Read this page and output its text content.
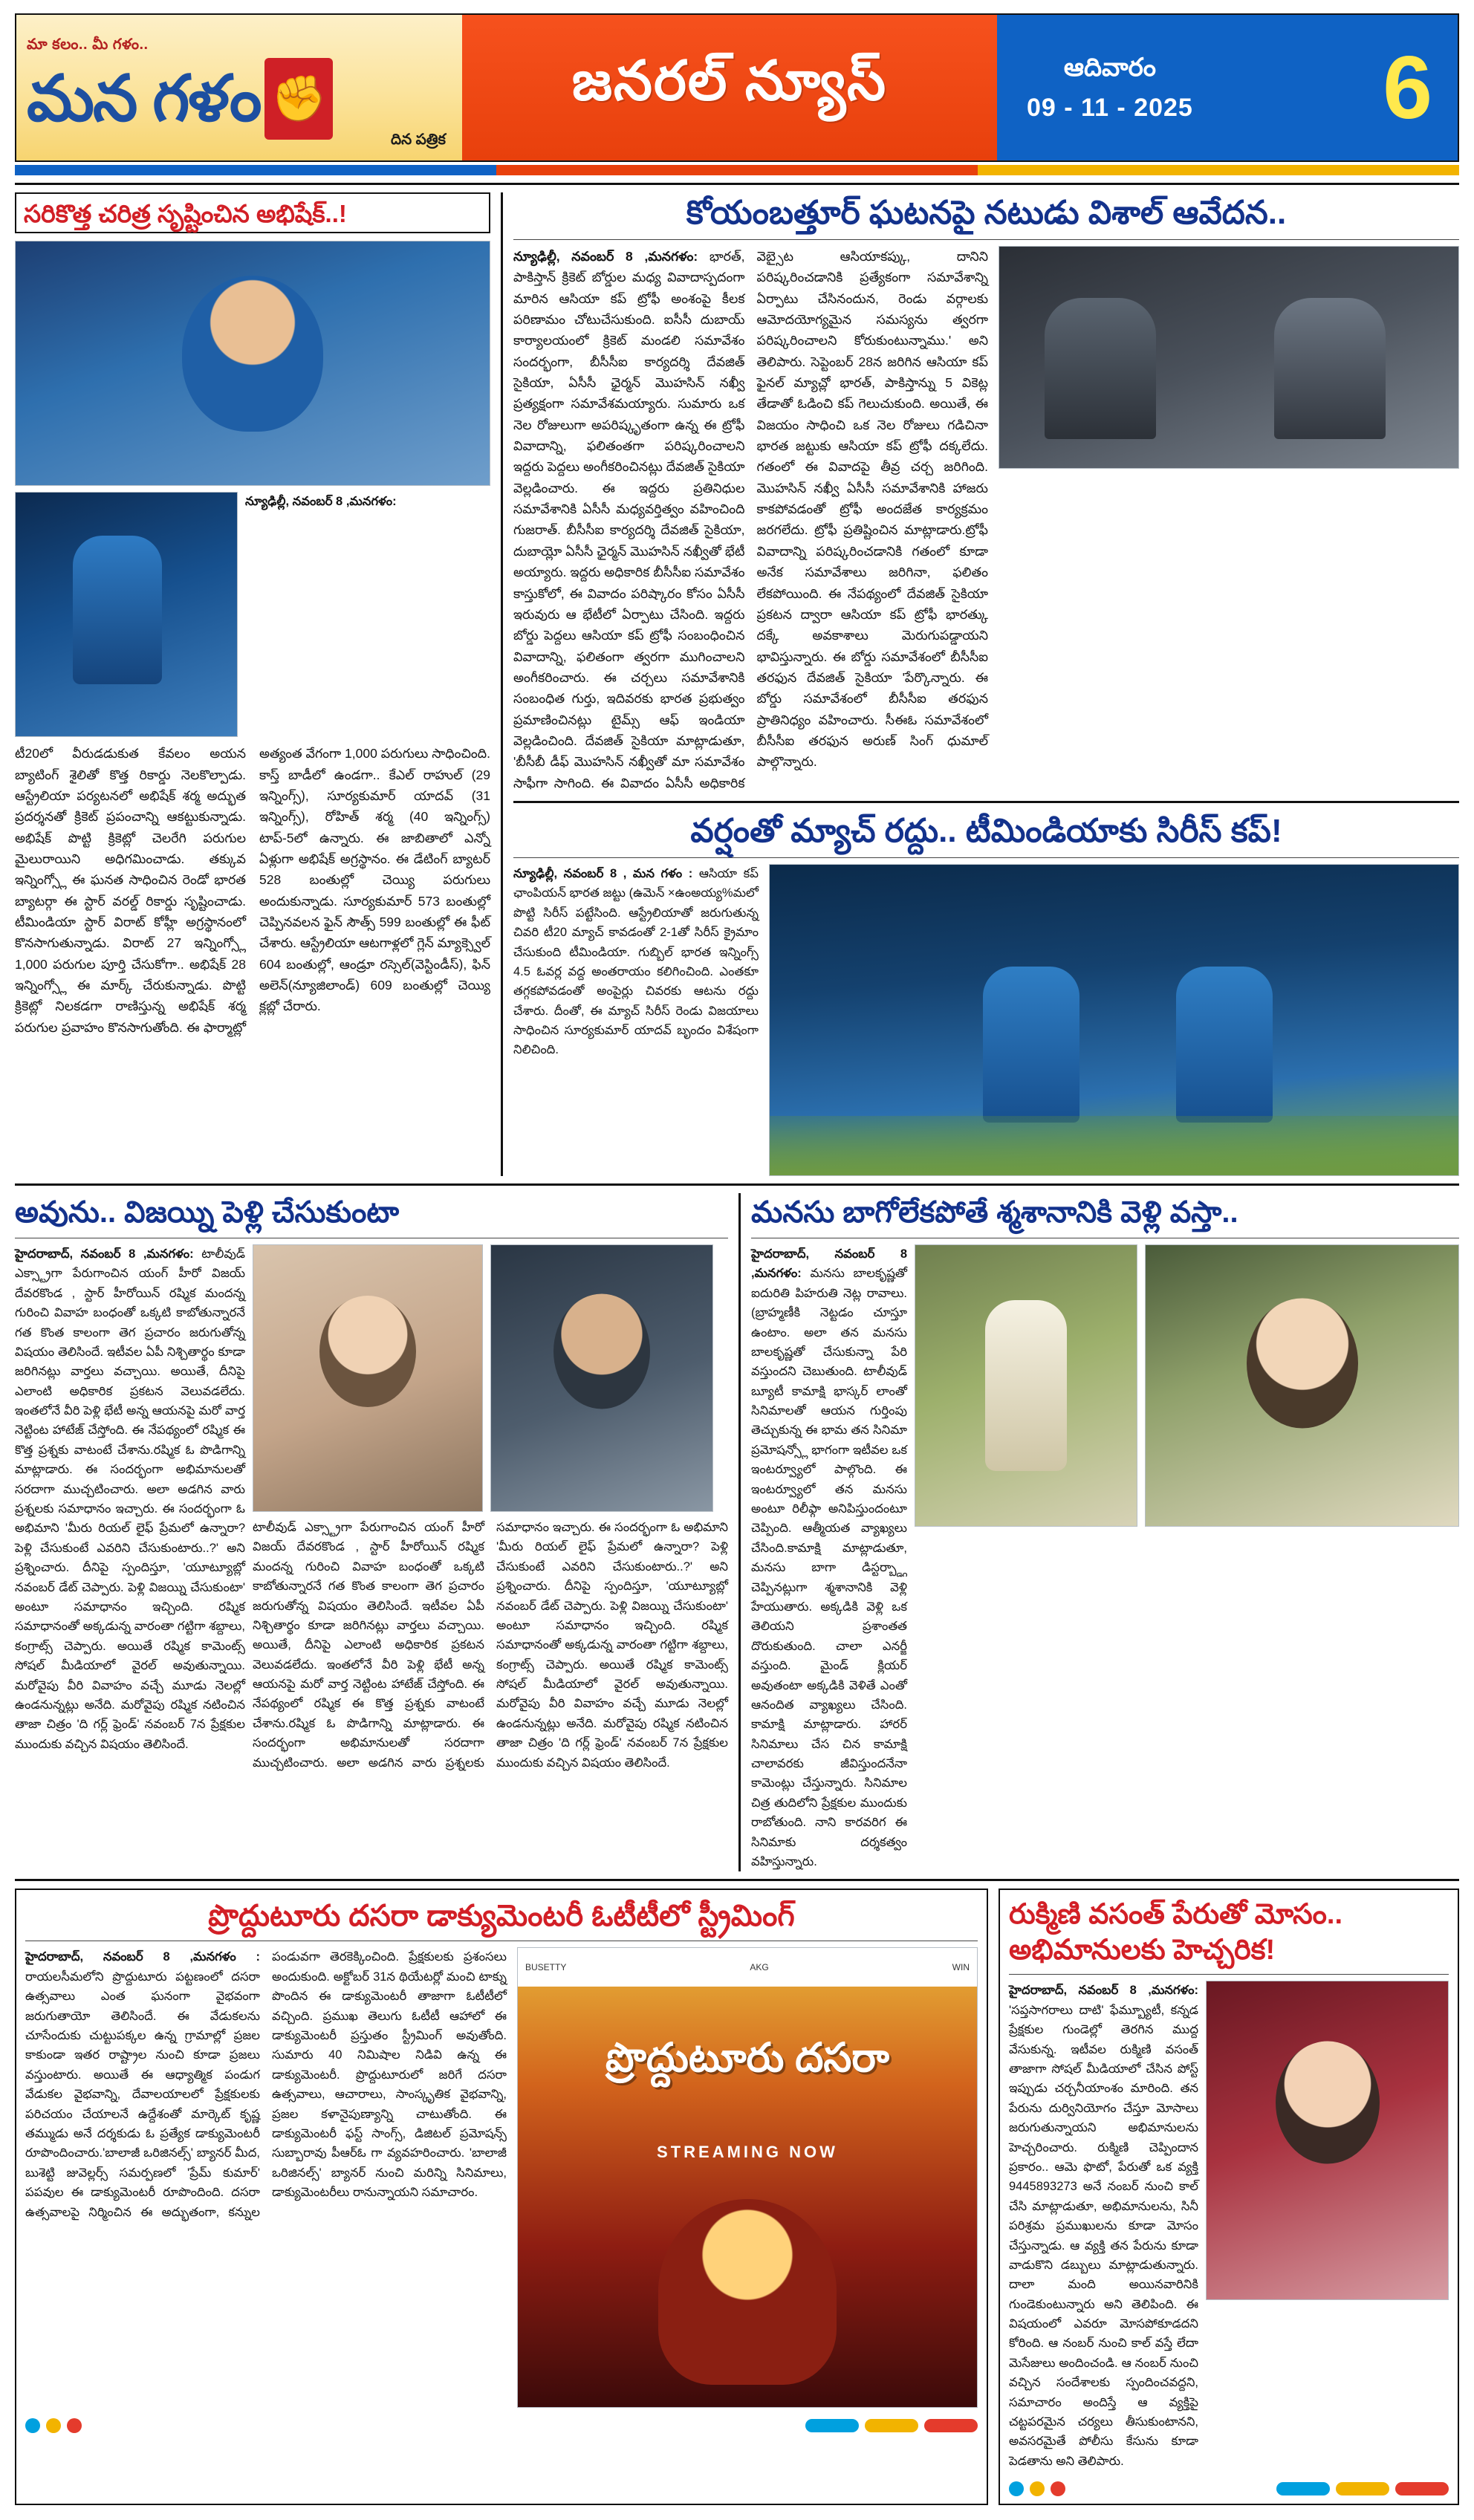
మా కలం.. మీ గళం..
మన గళం ✊
దిన పత్రిక
జనరల్ న్యూస్	ఆదివారం
09 - 11 - 2025 6
సరికొత్త చరిత్ర సృష్టించిన అభిషేక్..!
న్యూఢిల్లీ, నవంబర్ 8 ,మనగళం:
టీ20లో వీరుడడుకుత కేవలం అయన బ్యాటింగ్ శైలితో కొత్త రికార్డు నెలకొల్పాడు. ఆస్ట్రేలియా పర్యటనలో అభిషేక్ శర్మ అద్భుత ప్రదర్శనతో క్రికెట్ ప్రపంచాన్ని ఆకట్టుకున్నాడు. అభిషేక్ పొట్టి క్రికెట్లో చెలరేగి పరుగుల మైలురాయిని అధిగమించాడు. తక్కువ ఇన్నింగ్స్లో ఈ ఘనత సాధించిన రెండో భారత బ్యాటర్గా ఈ స్టార్ వరల్డ్ రికార్డు సృష్టించాడు. టీమిండియా స్టార్ విరాట్ కోహ్లీ అగ్రస్థానంలో కొనసాగుతున్నాడు. విరాట్ 27 ఇన్నింగ్స్లో 1,000 పరుగుల పూర్తి చేసుకోగా.. అభిషేక్ 28 ఇన్నింగ్స్లో ఈ మార్క్ చేరుకున్నాడు. పొట్టి క్రికెట్లో నిలకడగా రాణిస్తున్న అభిషేక్ శర్మ పరుగుల ప్రవాహం కొనసాగుతోంది. ఈ ఫార్మాట్లో అత్యంత వేగంగా 1,000 పరుగులు సాధించింది. కాస్త్ బాడీలో ఉండగా.. కేఎల్ రాహుల్ (29 ఇన్నింగ్స్), సూర్యకుమార్ యాదవ్ (31 ఇన్నింగ్స్), రోహిత్ శర్మ (40 ఇన్నింగ్స్) టాప్-5లో ఉన్నారు. ఈ జాబితాలో ఎన్నో ఏళ్లుగా అభిషేక్ అగ్రస్థానం. ఈ డేటింగ్ బ్యాటర్ 528 బంతుల్లో చెయ్యి పరుగులు అందుకున్నాడు. సూర్యకుమార్ 573 బంతుల్లో చెప్పినవలన ఫైన్ సౌత్స్ 599 బంతుల్లో ఈ ఫీట్ చేశారు. ఆస్ట్రేలియా ఆటగాళ్లలో గ్లెన్ మ్యాక్స్వెల్ 604 బంతుల్లో, ఆండ్రూ రస్సెల్(వెస్టిండీస్), ఫిన్ అలెన్(న్యూజిలాండ్) 609 బంతుల్లో చెయ్యి క్లబ్లో చేరారు.
కోయంబత్తూర్ ఘటనపై నటుడు విశాల్ ఆవేదన..
న్యూఢిల్లీ, నవంబర్ 8 ,మనగళం: భారత్, పాకిస్తాన్ క్రికెట్ బోర్డుల మధ్య వివాదాస్పదంగా మారిన ఆసియా కప్ ట్రోఫీ అంశంపై కీలక పరిణామం చోటుచేసుకుంది. ఐసీసీ దుబాయ్ కార్యాలయంలో క్రికెట్ మండలి సమావేశం సందర్భంగా, బీసీసీఐ కార్యదర్శి దేవజిత్ సైకియా, ఏసీసీ ఛైర్మన్ మొహసిన్ నఖ్వీ ప్రత్యక్షంగా సమావేశమయ్యారు. సుమారు ఒక నెల రోజులుగా అపరిష్కృతంగా ఉన్న ఈ ట్రోఫీ వివాదాన్ని, ఫలితంతగా పరిష్కరించాలని ఇద్దరు పెద్దలు అంగీకరించినట్లు దేవజిత్ సైకియా వెల్లడించారు. ఈ ఇద్దరు ప్రతినిధుల సమావేశానికి ఏసీసీ మధ్యవర్తిత్వం వహించింది గుజరాత్. బీసీసీఐ కార్యదర్శి దేవజిత్ సైకియా, దుబాయ్లో ఏసీసీ ఛైర్మన్ మొహసిన్ నఖ్వీతో భేటీ అయ్యారు. ఇద్దరు అధికారిక బీసీసీఐ సమావేశం కాస్తుకోలో, ఈ వివాదం పరిష్కారం కోసం ఏసీసీ ఇరువురు ఆ భేటీలో ఏర్పాటు చేసింది. ఇద్దరు బోర్డు పెద్దలు ఆసియా కప్ ట్రోఫీ సంబంధించిన వివాదాన్ని, ఫలితంగా త్వరగా ముగించాలని అంగీకరించారు. ఈ చర్చలు సమావేశానికి సంబంధిత గుర్తు, ఇదివరకు భారత ప్రభుత్వం ప్రమాణించినట్లు టైమ్స్ ఆఫ్ ఇండియా వెల్లడించింది. దేవజిత్ సైకియా మాట్లాడుతూ, 'బీసీబీ డీఫ్ మొహసిన్ నఖ్వీతో మా సమావేశం సాఫీగా సాగింది. ఈ వివాదం ఏసీసీ అధికారిక వెబ్సైట ఆసియాకప్కు, దానిని పరిష్కరించడానికి ప్రత్యేకంగా సమావేశాన్ని ఏర్పాటు చేసినందున, రెండు వర్గాలకు ఆమోదయోగ్యమైన సమస్యను త్వరగా పరిష్కరించాలని కోరుకుంటున్నాము.' అని తెలిపారు. సెప్టెంబర్ 28న జరిగిన ఆసియా కప్ ఫైనల్ మ్యాచ్లో భారత్, పాకిస్తాన్ను 5 వికెట్ల తేడాతో ఓడించి కప్ గెలుచుకుంది. అయితే, ఈ విజయం సాధించి ఒక నెల రోజులు గడిచినా భారత జట్టుకు ఆసియా కప్ ట్రోఫీ దక్కలేదు. గతంలో ఈ వివాదపై తీవ్ర చర్చ జరిగింది. మొహసిన్ నఖ్వీ ఏసీసీ సమావేశానికి హాజరు కాకపోవడంతో ట్రోఫీ అందజేత కార్యక్రమం జరగలేదు. ట్రోఫీ ప్రతిష్టించిన మాట్లాడారు.ట్రోఫీ వివాదాన్ని పరిష్కరించడానికి గతంలో కూడా అనేక సమావేశాలు జరిగినా, ఫలితం లేకపోయింది. ఈ నేపథ్యంలో దేవజిత్ సైకియా ప్రకటన ద్వారా ఆసియా కప్ ట్రోఫీ భారత్కు దక్కే అవకాశాలు మెరుగుపడ్డాయని భావిస్తున్నారు. ఈ బోర్డు సమావేశంలో బీసీసీఐ తరఫున దేవజిత్ సైకియా 'పేర్కొన్నారు. ఈ బోర్డు సమావేశంలో బీసీసీఐ తరఫున ప్రాతినిధ్యం వహించారు. సీఈఓ సమావేశంలో బీసీసీఐ తరఫున అరుణ్ సింగ్ ధుమాల్ పాల్గొన్నారు.
వర్షంతో మ్యాచ్ రద్దు.. టీమిండియాకు సిరీస్ కప్!
న్యూఢిల్లీ, నవంబర్ 8 , మన గళం : ఆసియా కప్ ఛాంపియన్ భారత జట్టు (ఉమెన్ ×ఉంఅయ్య%మలో పొట్టి సిరీస్ పట్టేసింది. ఆస్ట్రేలియాతో జరుగుతున్న చివరి టీ20 మ్యాచ్ కావడంతో 2-1తో సిరీస్ క్రైమాం చేసుకుంది టీమిండియా. గుబ్బిల్ భారత ఇన్నింగ్స్ 4.5 ఓవర్ల వద్ద అంతరాయం కలిగించింది. ఎంతకూ తగ్గకపోవడంతో అంపైర్లు చివరకు ఆటను రద్దు చేశారు. దీంతో, ఈ మ్యాచ్ సిరీస్ రెండు విజయాలు సాధించిన సూర్యకుమార్ యాదవ్ బృందం విశేషంగా నిలిచింది.
అవును.. విజయ్ని పెళ్లి చేసుకుంటా
హైదరాబాద్, నవంబర్ 8 ,మనగళం: టాలీవుడ్ ఎక్స్ట్రాగా పేరుగాంచిన యంగ్ హీరో విజయ్ దేవరకొండ , స్టార్ హీరోయిన్ రష్మిక మందన్న గురించి వివాహ బంధంతో ఒక్కటి కాబోతున్నారనే గత కొంత కాలంగా తెగ ప్రచారం జరుగుతోన్న విషయం తెలిసిందే. ఇటీవల ఏపీ నిశ్చితార్థం కూడా జరిగినట్లు వార్తలు వచ్చాయి. అయితే, దీనిపై ఎలాంటి అధికారిక ప్రకటన వెలువడలేదు. ఇంతలోనే వీరి పెళ్లి భేటీ అన్న ఆయనపై మరో వార్త నెట్టింట హాటేజ్ చేస్తోంది. ఈ నేపథ్యంలో రష్మిక ఈ కొత్త ప్రశ్నకు వాటంటే చేశాను.రష్మిక ఓ పొడిగాన్ని మాట్లాడారు. ఈ సందర్భంగా అభిమానులతో సరదాగా ముచ్చటించారు. అలా అడగిన వారు ప్రశ్నలకు సమాధానం ఇచ్చారు. ఈ సందర్భంగా ఓ అభిమాని 'మీరు రియల్ లైఫ్ ప్రేమలో ఉన్నారా? పెళ్లి చేసుకుంటే ఎవరిని చేసుకుంటారు..?' అని ప్రశ్నించారు. దీనిపై స్పందిస్తూ, 'యూట్యూబ్లో నవంబర్ డేట్ చెప్పారు. పెళ్లి విజయ్ని చేసుకుంటా' అంటూ సమాధానం ఇచ్చింది. రష్మిక సమాధానంతో అక్కడున్న వారంతా గట్టిగా శబ్దాలు, కంగ్రాట్స్ చెప్పారు. అయితే రష్మిక కామెంట్స్ సోషల్ మీడియాలో వైరల్ అవుతున్నాయి. మరోవైపు వీరి వివాహం వచ్చే మూడు నెలల్లో ఉండనున్నట్లు అనేది. మరోవైపు రష్మిక నటించిన తాజా చిత్రం 'ది గర్ల్ ఫ్రెండ్' నవంబర్ 7న ప్రేక్షకుల ముందుకు వచ్చిన విషయం తెలిసిందే.
టాలీవుడ్ ఎక్స్ట్రాగా పేరుగాంచిన యంగ్ హీరో విజయ్ దేవరకొండ , స్టార్ హీరోయిన్ రష్మిక మందన్న గురించి వివాహ బంధంతో ఒక్కటి కాబోతున్నారనే గత కొంత కాలంగా తెగ ప్రచారం జరుగుతోన్న విషయం తెలిసిందే. ఇటీవల ఏపీ నిశ్చితార్థం కూడా జరిగినట్లు వార్తలు వచ్చాయి. అయితే, దీనిపై ఎలాంటి అధికారిక ప్రకటన వెలువడలేదు. ఇంతలోనే వీరి పెళ్లి భేటీ అన్న ఆయనపై మరో వార్త నెట్టింట హాటేజ్ చేస్తోంది. ఈ నేపథ్యంలో రష్మిక ఈ కొత్త ప్రశ్నకు వాటంటే చేశాను.రష్మిక ఓ పొడిగాన్ని మాట్లాడారు. ఈ సందర్భంగా అభిమానులతో సరదాగా ముచ్చటించారు. అలా అడగిన వారు ప్రశ్నలకు సమాధానం ఇచ్చారు. ఈ సందర్భంగా ఓ అభిమాని 'మీరు రియల్ లైఫ్ ప్రేమలో ఉన్నారా? పెళ్లి చేసుకుంటే ఎవరిని చేసుకుంటారు..?' అని ప్రశ్నించారు. దీనిపై స్పందిస్తూ, 'యూట్యూబ్లో నవంబర్ డేట్ చెప్పారు. పెళ్లి విజయ్ని చేసుకుంటా' అంటూ సమాధానం ఇచ్చింది. రష్మిక సమాధానంతో అక్కడున్న వారంతా గట్టిగా శబ్దాలు, కంగ్రాట్స్ చెప్పారు. అయితే రష్మిక కామెంట్స్ సోషల్ మీడియాలో వైరల్ అవుతున్నాయి. మరోవైపు వీరి వివాహం వచ్చే మూడు నెలల్లో ఉండనున్నట్లు అనేది. మరోవైపు రష్మిక నటించిన తాజా చిత్రం 'ది గర్ల్ ఫ్రెండ్' నవంబర్ 7న ప్రేక్షకుల ముందుకు వచ్చిన విషయం తెలిసిందే.
మనసు బాగోలేకపోతే శ్మశానానికి వెళ్లి వస్తా..
హైదరాబాద్, నవంబర్ 8 ,మనగళం: మనసు బాలకృష్ణతో ఐదురితి పిహరుతి నెట్ల రావాలు. (బ్రాహ్మణీకి నెట్టడం చూస్తూ ఉంటాం. అలా తన మనసు బాలకృష్ణతో చేసుకున్నా పేరి వస్తుందని చెబుతుంది. టాలీవుడ్ బ్యూటీ కామాక్షి భాస్కర్ లాంతో సినిమాలతో ఆయన గుర్తింపు తెచ్చుకున్న ఈ భామ తన సినిమా ప్రమోషన్స్లో భాగంగా ఇటీవల ఒక ఇంటర్వ్యూలో పాల్గొంది. ఈ ఇంటర్వ్యూలో తన మనసు అంటూ రిలీఫ్గా అనిపిస్తుందంటూ చెప్పింది. ఆత్మీయత వ్యాఖ్యలు చేసింది.కామాక్షి మాట్లాడుతూ, మనసు బాగా డిస్టర్బ్డ్గా చెప్పినట్లుగా శ్మశానానికి వెళ్లి హేయుతారు. అక్కడికి వెళ్లి ఒక తెలియని ప్రశాంతత దొరుకుతుంది. చాలా ఎనర్జీ వస్తుంది. మైండ్ క్లియర్ అవుతంటా అక్కడికి వెళితే ఎంతో ఆనందిత వ్యాఖ్యలు చేసింది. కామాక్షి మాట్లాడారు. హారర్ సినిమాలు చేస చిన కామాక్షి చాలావరకు జీవిస్తుందనేనా కామెంట్లు చేస్తున్నారు. సినిమాల చిత్ర తుదిలోని ప్రేక్షకుల ముందుకు రాబోతుంది. నాని కారవరిగ ఈ సినిమాకు దర్శకత్వం వహిస్తున్నారు.
ప్రొద్దుటూరు దసరా డాక్యుమెంటరీ ఓటీటీలో స్ట్రీమింగ్
హైదరాబాద్, నవంబర్ 8 ,మనగళం : రాయలసీమలోని ప్రొద్దుటూరు పట్టణంలో దసరా ఉత్సవాలు ఎంత ఘనంగా వైభవంగా జరుగుతాయో తెలిసిందే. ఈ వేడుకలను చూసేందుకు చుట్టుపక్కల ఉన్న గ్రామాల్లో ప్రజల కాకుండా ఇతర రాష్ట్రాల నుంచి కూడా ప్రజలు వస్తుంటారు. అయితే ఈ ఆధ్యాత్మిక పండుగ వేడుకల వైభవాన్ని, దేవాలయాలలో ప్రేక్షకులకు పరిచయం చేయాలనే ఉద్దేశంతో మార్కెట్ కృష్ణ తమ్ముడు అనే దర్శకుడు ఓ ప్రత్యేక డాక్యుమెంటరీ రూపొందించారు.'బాలాజీ ఒరిజినల్స్' బ్యానర్ మీద, బుశెట్టి జువెల్లర్స్ సమర్పణలో 'ప్రేమ్ కుమార్' పపవుల ఈ డాక్యుమెంటరీ రూపొందింది. దసరా ఉత్సవాలపై నిర్మించిన ఈ అద్భుతంగా, కన్నుల పండువగా తెరకెక్కించింది. ప్రేక్షకులకు ప్రశంసలు అందుకుంది. అక్టోబర్ 31న థియేటర్లో మంచి టాక్ను పొందిన ఈ డాక్యుమెంటరీ తాజాగా ఓటీటీలో వచ్చింది. ప్రముఖ తెలుగు ఓటీటీ ఆహాలో ఈ డాక్యుమెంటరీ ప్రస్తుతం స్ట్రీమింగ్ అవుతోంది. సుమారు 40 నిమిషాల నిడివి ఉన్న ఈ డాక్యుమెంటరీ. ప్రొద్దుటూరులో జరిగే దసరా ఉత్సవాలు, ఆచారాలు, సాంస్కృతిక వైభవాన్ని, ప్రజల కళానైపుణ్యాన్ని చాటుతోంది. ఈ డాక్యుమెంటరీ ఫస్ట్ సాంగ్స్, డిజిటల్ ప్రమోషన్స్ సుబ్బారావు పీఆర్ఓ గా వ్యవహరించారు. 'బాలాజీ ఒరిజినల్స్' బ్యానర్ నుంచి మరిన్ని సినిమాలు, డాక్యుమెంటరీలు రానున్నాయని సమాచారం.
BUSETTY	AKG	WIN
ప్రొద్దుటూరు దసరా
STREAMING NOW
రుక్మిణి వసంత్ పేరుతో మోసం..
అభిమానులకు హెచ్చరిక!
హైదరాబాద్, నవంబర్ 8 ,మనగళం: 'సప్తసాగరాలు దాటి' ఫేమ్బ్యూటీ, కన్నడ ప్రేక్షకుల గుండెల్లో తెరగిన ముద్ద వేసుకున్న. ఇటీవల రుక్మిణి వసంత్ తాజాగా సోషల్ మీడియాలో చేసిన పోస్ట్ ఇప్పుడు చర్చనీయాంశం మారింది. తన పేరును దుర్వినియోగం చేస్తూ మోసాలు జరుగుతున్నాయని అభిమానులను హెచ్చరించారు. రుక్మిణి చెప్పిందాన ప్రకారం.. ఆమె ఫొటో, పేరుతో ఒక వ్యక్తి 9445893273 అనే నంబర్ నుంచి కాల్ చేసి మాట్లాడుతూ, అభిమానులను, సినీ పరిశ్రమ ప్రముఖులను కూడా మోసం చేస్తున్నాడు. ఆ వ్యక్తి తన పేరును కూడా వాడుకొని డబ్బులు మాట్లాడుతున్నారు. దాలా మంది అయినవారినికి గుండెకుంటున్నారు అని తెలిపింది. ఈ విషయంలో ఎవరూ మోసపోకూడదని కోరింది. ఆ నంబర్ నుంచి కాల్ వస్తే లేదా మెసేజులు అందించండి. ఆ నంబర్ నుంచి వచ్చిన సందేశాలకు స్పందించవద్దని, సమాచారం అందిస్తే ఆ వ్యక్తిపై చట్టపరమైన చర్యలు తీసుకుంటానని, అవసరమైతే పోలీసు కేసును కూడా పెడతాను అని తెలిపారు.
